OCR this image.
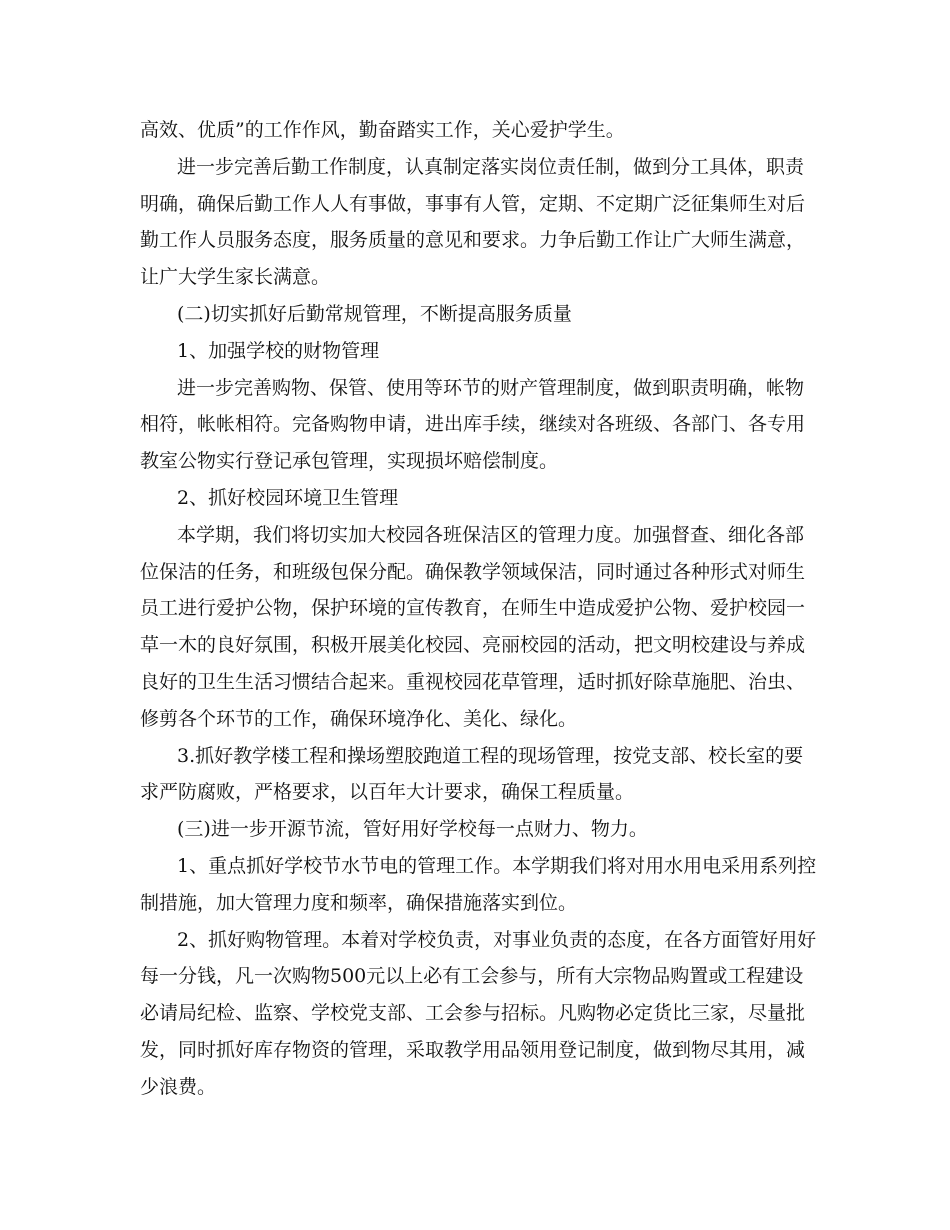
高效、优质”的工作作风，勤奋踏实工作，关心爱护学生。

进一步完善后勤工作制度，认真制定落实岗位责任制，做到分工具体，职责明确，确保后勤工作人人有事做，事事有人管，定期、不定期广泛征集师生对后勤工作人员服务态度，服务质量的意见和要求。力争后勤工作让广大师生满意，让广大学生家长满意。

(二)切实抓好后勤常规管理，不断提高服务质量

1、加强学校的财物管理

进一步完善购物、保管、使用等环节的财产管理制度，做到职责明确，帐物相符，帐帐相符。完备购物申请，进出库手续，继续对各班级、各部门、各专用教室公物实行登记承包管理，实现损坏赔偿制度。

2、抓好校园环境卫生管理

本学期，我们将切实加大校园各班保洁区的管理力度。加强督查、细化各部位保洁的任务，和班级包保分配。确保教学领域保洁，同时通过各种形式对师生员工进行爱护公物，保护环境的宣传教育，在师生中造成爱护公物、爱护校园一草一木的良好氛围，积极开展美化校园、亮丽校园的活动，把文明校建设与养成良好的卫生生活习惯结合起来。重视校园花草管理，适时抓好除草施肥、治虫、修剪各个环节的工作，确保环境净化、美化、绿化。

3.抓好教学楼工程和操场塑胶跑道工程的现场管理，按党支部、校长室的要求严防腐败，严格要求，以百年大计要求，确保工程质量。

(三)进一步开源节流，管好用好学校每一点财力、物力。

1、重点抓好学校节水节电的管理工作。本学期我们将对用水用电采用系列控制措施，加大管理力度和频率，确保措施落实到位。

2、抓好购物管理。本着对学校负责，对事业负责的态度，在各方面管好用好每一分钱，凡一次购物500元以上必有工会参与，所有大宗物品购置或工程建设必请局纪检、监察、学校党支部、工会参与招标。凡购物必定货比三家，尽量批发，同时抓好库存物资的管理，采取教学用品领用登记制度，做到物尽其用，减少浪费。
